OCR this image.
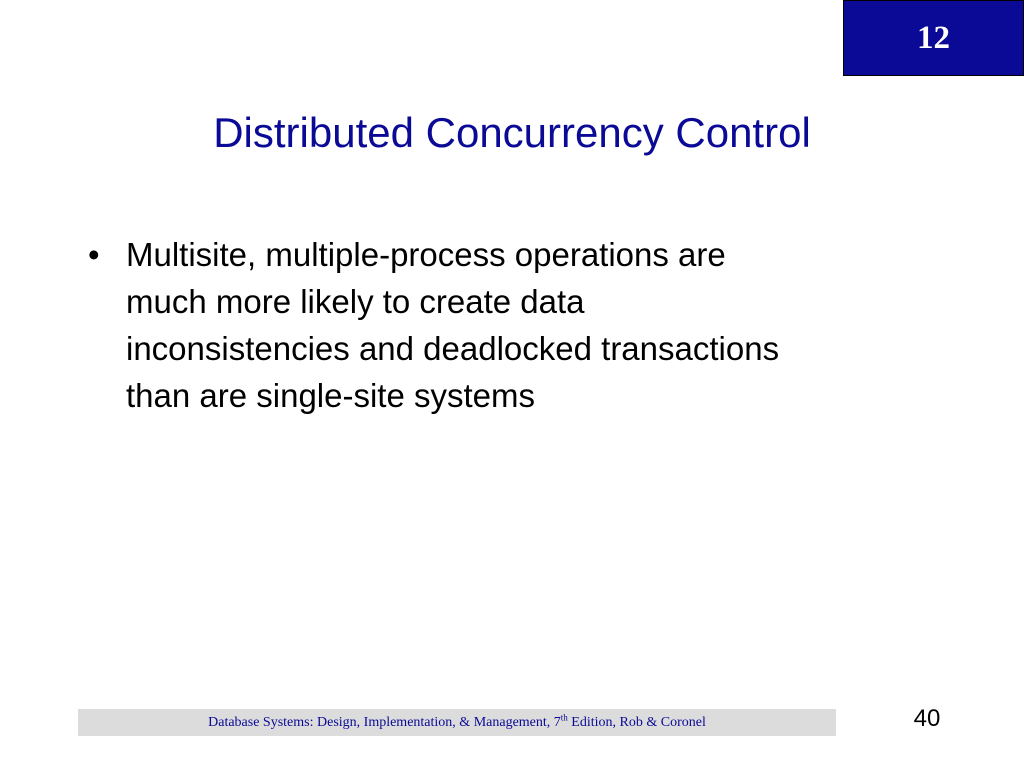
12
Distributed Concurrency Control
• Multisite, multiple-process operations are
much more likely to create data
inconsistencies and deadlocked transactions
than are single-site systems
Database Systems: Design, Implementation, & Management, 7th Edition, Rob & Coronel	40
